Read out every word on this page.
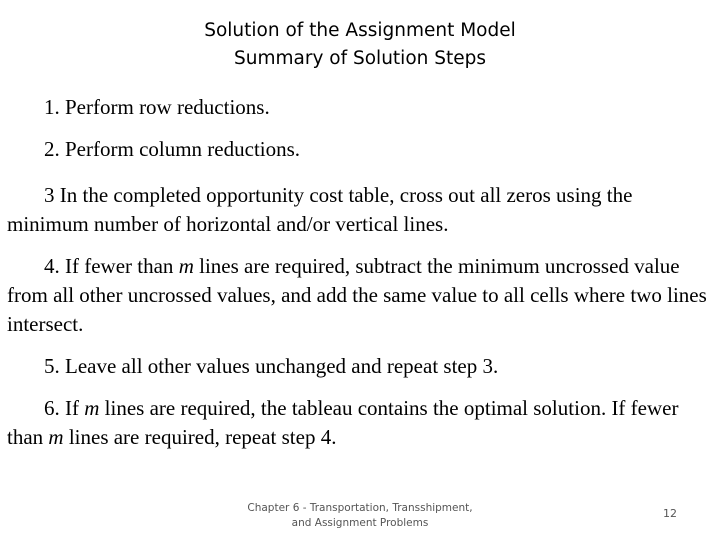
Solution of the Assignment Model
Summary of Solution Steps

1. Perform row reductions.

2. Perform column reductions.

3 In the completed opportunity cost table, cross out all zeros using the minimum number of horizontal and/or vertical lines.

4. If fewer than m lines are required, subtract the minimum uncrossed value from all other uncrossed values, and add the same value to all cells where two lines intersect.

5. Leave all other values unchanged and repeat step 3.

6. If m lines are required, the tableau contains the optimal solution. If fewer than m lines are required, repeat step 4.

Chapter 6 - Transportation, Transshipment,
and Assignment Problems
12
